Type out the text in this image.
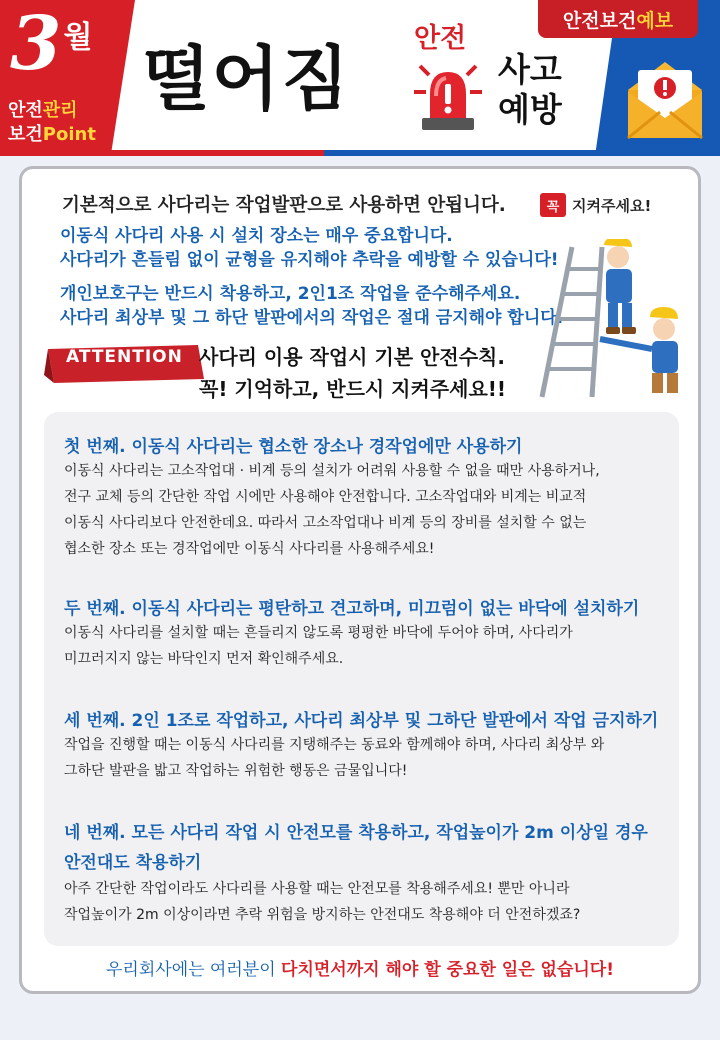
3 월
안전관리
보건Point
떨어짐 안전
사고
예방
안전보건 예보
기본적으로 사다리는 작업발판으로 사용하면 안됩니다.
이동식 사다리 사용 시 설치 장소는 매우 중요합니다.
사다리가 흔들림 없이 균형을 유지해야 추락을 예방할 수 있습니다!
개인보호구는 반드시 착용하고, 2인1조 작업을 준수해주세요.
사다리 최상부 및 그 하단 발판에서의 작업은 절대 금지해야 합니다.
꼭 지켜주세요!
ATTENTION 사다리 이용 작업시 기본 안전수칙.
꼭! 기억하고, 반드시 지켜주세요!!
첫 번째. 이동식 사다리는 협소한 장소나 경작업에만 사용하기
이동식 사다리는 고소작업대 · 비계 등의 설치가 어려워 사용할 수 없을 때만 사용하거나,
전구 교체 등의 간단한 작업 시에만 사용해야 안전합니다. 고소작업대와 비계는 비교적
이동식 사다리보다 안전한데요. 따라서 고소작업대나 비계 등의 장비를 설치할 수 없는
협소한 장소 또는 경작업에만 이동식 사다리를 사용해주세요!
두 번째. 이동식 사다리는 평탄하고 견고하며, 미끄럼이 없는 바닥에 설치하기
이동식 사다리를 설치할 때는 흔들리지 않도록 평평한 바닥에 두어야 하며, 사다리가
미끄러지지 않는 바닥인지 먼저 확인해주세요.
세 번째. 2인 1조로 작업하고, 사다리 최상부 및 그하단 발판에서 작업 금지하기
작업을 진행할 때는 이동식 사다리를 지탱해주는 동료와 함께해야 하며, 사다리 최상부 와
그하단 발판을 밟고 작업하는 위험한 행동은 금물입니다!
네 번째. 모든 사다리 작업 시 안전모를 착용하고, 작업높이가 2m 이상일 경우
안전대도 착용하기
아주 간단한 작업이라도 사다리를 사용할 때는 안전모를 착용해주세요! 뿐만 아니라
작업높이가 2m 이상이라면 추락 위험을 방지하는 안전대도 착용해야 더 안전하겠죠?
우리회사에는 여러분이 다치면서까지 해야 할 중요한 일은 없습니다!
